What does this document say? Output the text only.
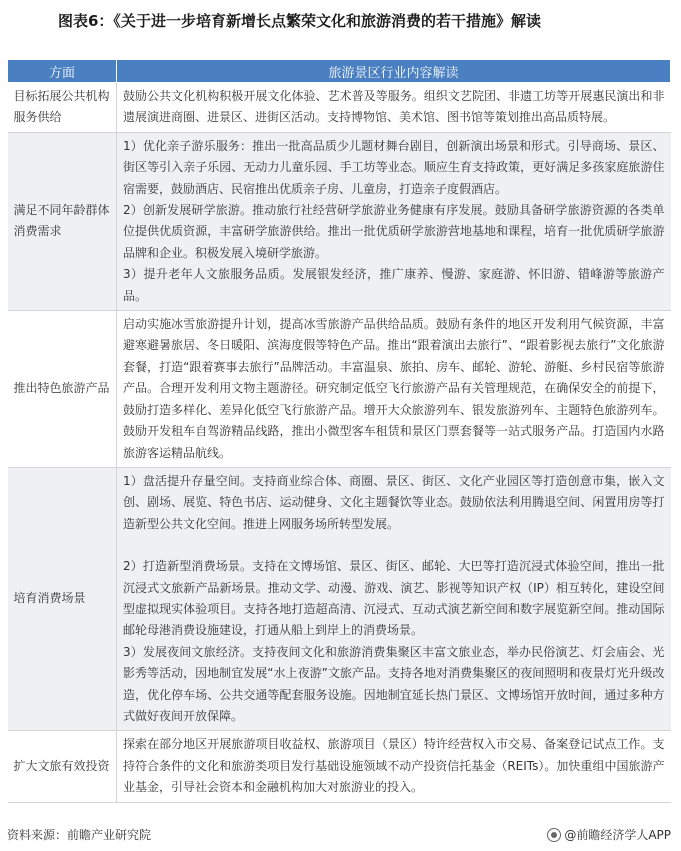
图表6：《关于进一步培育新增长点繁荣文化和旅游消费的若干措施》解读
方面	旅游景区行业内容解读
目标拓展公共机构服务供给	鼓励公共文化机构积极开展文化体验、艺术普及等服务。组织文艺院团、非遗工坊等开展惠民演出和非遗展演进商圈、进景区、进街区活动。支持博物馆、美术馆、图书馆等策划推出高品质特展。

满足不同年龄群体消费需求	1）优化亲子游乐服务：推出一批高品质少儿题材舞台剧目，创新演出场景和形式。引导商场、景区、街区等引入亲子乐园、无动力儿童乐园、手工坊等业态。顺应生育支持政策，更好满足多孩家庭旅游住宿需要，鼓励酒店、民宿推出优质亲子房、儿童房，打造亲子度假酒店。

2）创新发展研学旅游。推动旅行社经营研学旅游业务健康有序发展。鼓励具备研学旅游资源的各类单位提供优质资源，丰富研学旅游供给。推出一批优质研学旅游营地基地和课程，培育一批优质研学旅游品牌和企业。积极发展入境研学旅游。

3）提升老年人文旅服务品质。发展银发经济，推广康养、慢游、家庭游、怀旧游、错峰游等旅游产品。

推出特色旅游产品	启动实施冰雪旅游提升计划，提高冰雪旅游产品供给品质。鼓励有条件的地区开发利用气候资源，丰富避寒避暑旅居、冬日暖阳、滨海度假等特色产品。推出“跟着演出去旅行”、“跟着影视去旅行”文化旅游套餐，打造“跟着赛事去旅行”品牌活动。丰富温泉、旅拍、房车、邮轮、游轮、游艇、乡村民宿等旅游产品。合理开发利用文物主题游径。研究制定低空飞行旅游产品有关管理规范，在确保安全的前提下，鼓励打造多样化、差异化低空飞行旅游产品。增开大众旅游列车、银发旅游列车、主题特色旅游列车。鼓励开发租车自驾游精品线路，推出小微型客车租赁和景区门票套餐等一站式服务产品。打造国内水路旅游客运精品航线。

培育消费场景	1）盘活提升存量空间。支持商业综合体、商圈、景区、街区、文化产业园区等打造创意市集，嵌入文创、剧场、展览、特色书店、运动健身、文化主题餐饮等业态。鼓励依法利用腾退空间、闲置用房等打造新型公共文化空间。推进上网服务场所转型发展。

2）打造新型消费场景。支持在文博场馆、景区、街区、邮轮、大巴等打造沉浸式体验空间，推出一批沉浸式文旅新产品新场景。推动文学、动漫、游戏、演艺、影视等知识产权（IP）相互转化，建设空间型虚拟现实体验项目。支持各地打造超高清、沉浸式、互动式演艺新空间和数字展览新空间。推动国际邮轮母港消费设施建设，打通从船上到岸上的消费场景。

3）发展夜间文旅经济。支持夜间文化和旅游消费集聚区丰富文旅业态，举办民俗演艺、灯会庙会、光影秀等活动，因地制宜发展“水上夜游”文旅产品。支持各地对消费集聚区的夜间照明和夜景灯光升级改造，优化停车场、公共交通等配套服务设施。因地制宜延长热门景区、文博场馆开放时间，通过多种方式做好夜间开放保障。

扩大文旅有效投资	探索在部分地区开展旅游项目收益权、旅游项目（景区）特许经营权入市交易、备案登记试点工作。支持符合条件的文化和旅游类项目发行基础设施领域不动产投资信托基金（REITs）。加快重组中国旅游产业基金，引导社会资本和金融机构加大对旅游业的投入。

资料来源：前瞻产业研究院	@前瞻经济学人APP
